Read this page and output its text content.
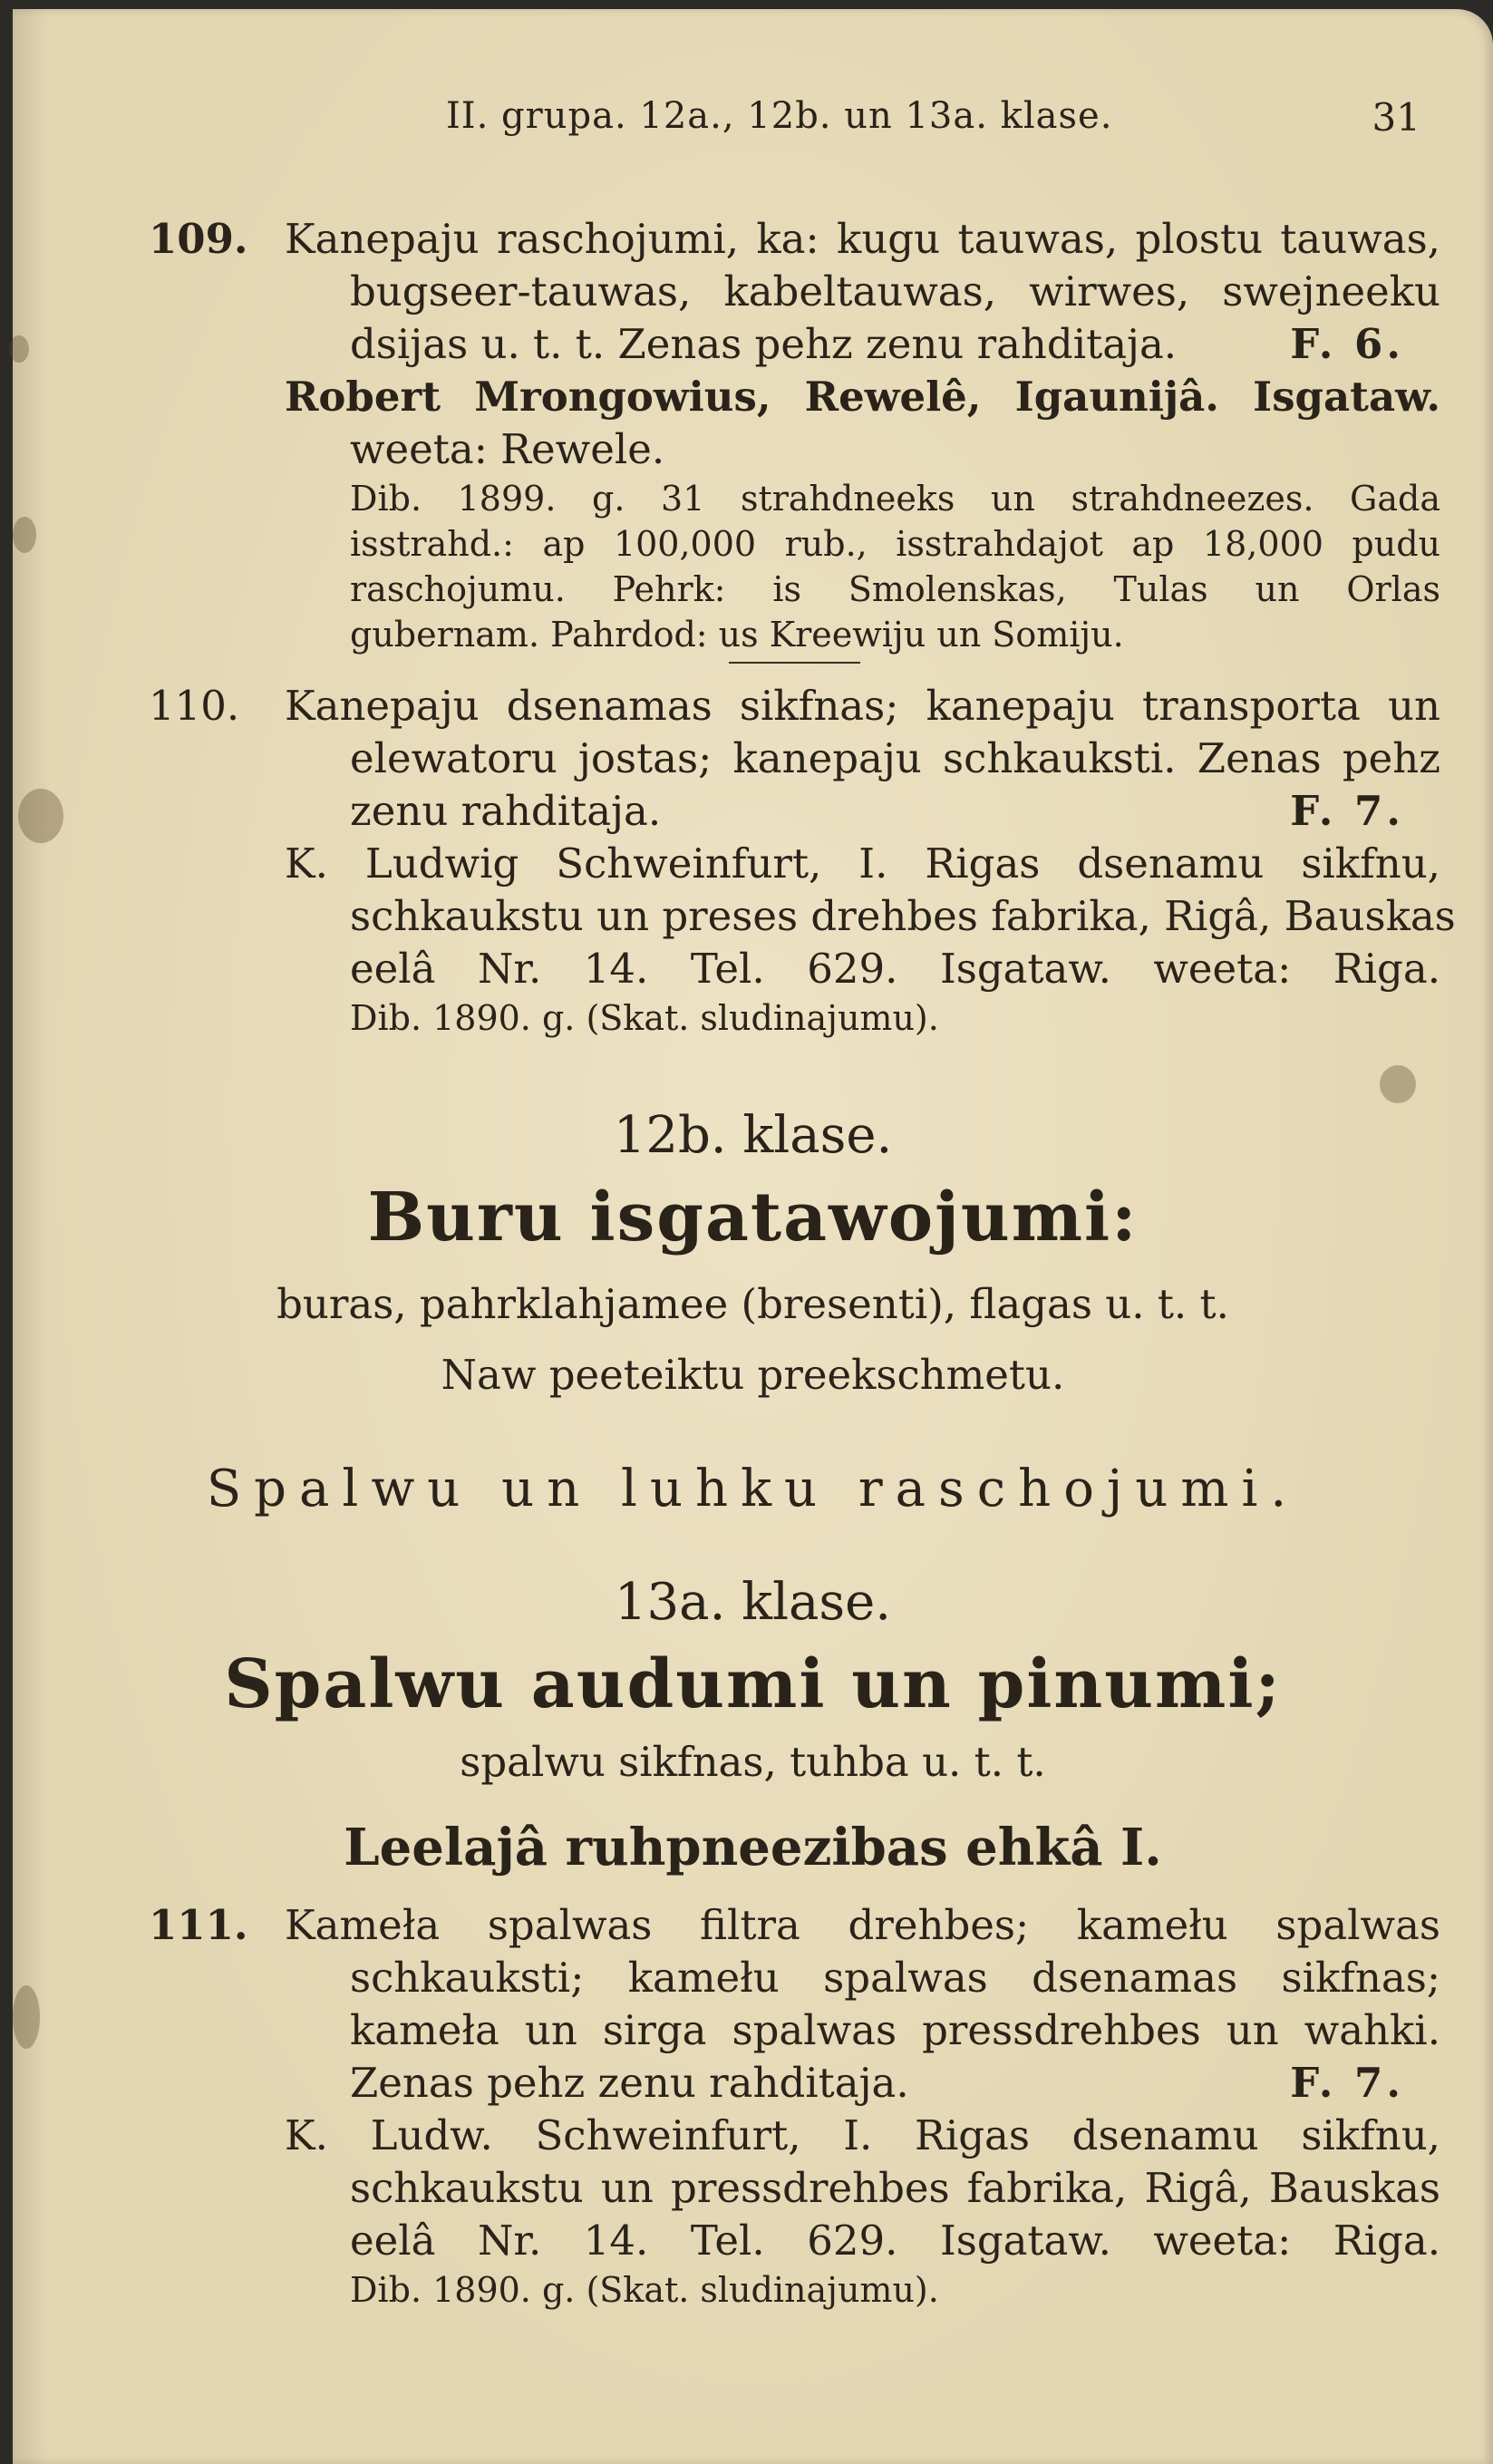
II. grupa. 12a., 12b. un 13a. klase.	31
109. Kanepaju raschojumi, ka: kugu tauwas, plostu tauwas,
bugseer-tauwas, kabeltauwas, wirwes, swejneeku
dsijas u. t. t. Zenas pehz zenu rahditaja.	F. 6.
Robert Mrongowius, Rewelê, Igaunijâ. Isgataw.
weeta: Rewele.
Dib. 1899. g. 31 strahdneeks un strahdneezes. Gada
isstrahd.: ap 100,000 rub., isstrahdajot ap 18,000 pudu
raschojumu. Pehrk: is Smolenskas, Tulas un Orlas
gubernam. Pahrdod: us Kreewiju un Somiju.
110. Kanepaju dsenamas sikfnas; kanepaju transporta un
elewatoru jostas; kanepaju schkauksti. Zenas pehz
zenu rahditaja.	F. 7.
K. Ludwig Schweinfurt, I. Rigas dsenamu sikfnu,
schkaukstu un preses drehbes fabrika, Rigâ, Bauskas
eelâ Nr. 14. Tel. 629. Isgataw. weeta: Riga.
Dib. 1890. g. (Skat. sludinajumu).
12b. klase.
Buru isgatawojumi:
buras, pahrklahjamee (bresenti), flagas u. t. t.
Naw peeteiktu preekschmetu.
Spalwu un luhku raschojumi.
13a. klase.
Spalwu audumi un pinumi;
spalwu sikfnas, tuhba u. t. t.
Leelajâ ruhpneezibas ehkâ I.
111. Kameła spalwas filtra drehbes; kamełu spalwas
schkauksti; kamełu spalwas dsenamas sikfnas;
kameła un sirga spalwas pressdrehbes un wahki.
Zenas pehz zenu rahditaja.	F. 7.
K. Ludw. Schweinfurt, I. Rigas dsenamu sikfnu,
schkaukstu un pressdrehbes fabrika, Rigâ, Bauskas
eelâ Nr. 14. Tel. 629. Isgataw. weeta: Riga.
Dib. 1890. g. (Skat. sludinajumu).
